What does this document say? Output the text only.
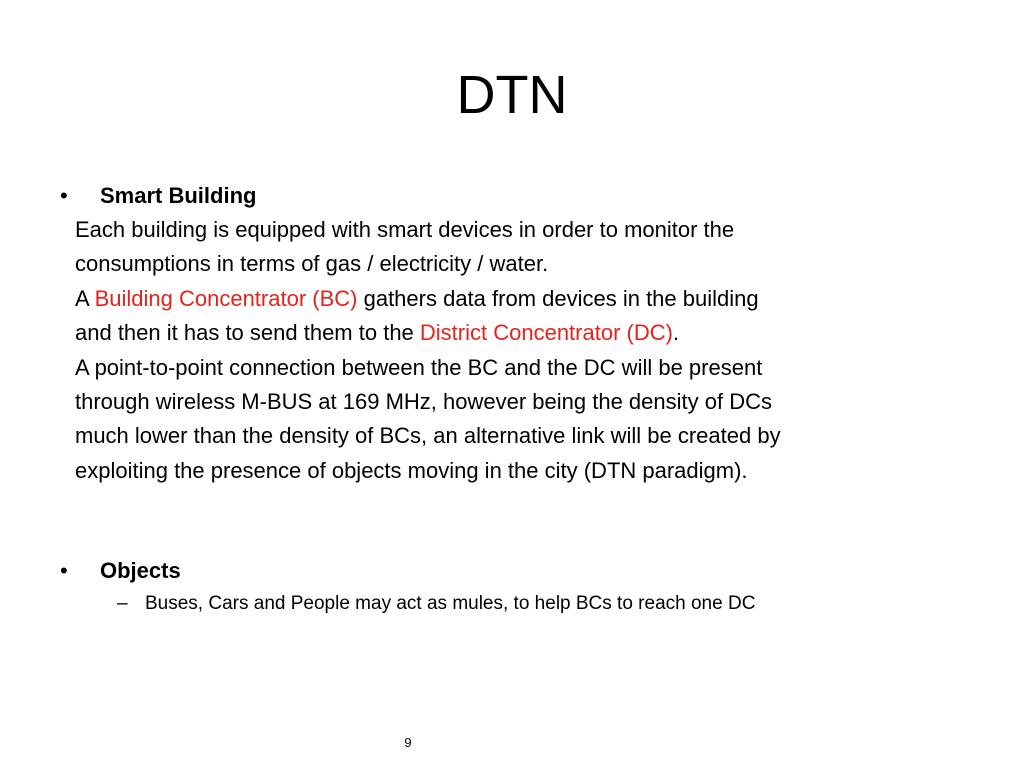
DTN
• Smart Building

Each building is equipped with smart devices in order to monitor the

consumptions in terms of gas / electricity / water.

A Building Concentrator (BC) gathers data from devices in the building

and then it has to send them to the District Concentrator (DC).

A point-to-point connection between the BC and the DC will be present

through wireless M-BUS at 169 MHz, however being the density of DCs

much lower than the density of BCs, an alternative link will be created by

exploiting the presence of objects moving in the city (DTN paradigm).

• Objects
– Buses, Cars and People may act as mules, to help BCs to reach one DC
9
